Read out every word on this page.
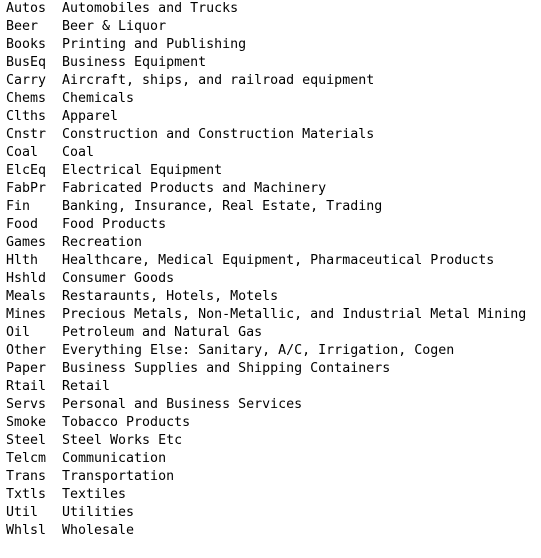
Autos	Automobiles and Trucks
Beer	Beer & Liquor
Books	Printing and Publishing
BusEq	Business Equipment
Carry	Aircraft, ships, and railroad equipment
Chems	Chemicals
Clths	Apparel
Cnstr	Construction and Construction Materials
Coal	Coal
ElcEq	Electrical Equipment
FabPr	Fabricated Products and Machinery
Fin	Banking, Insurance, Real Estate, Trading
Food	Food Products
Games	Recreation
Hlth	Healthcare, Medical Equipment, Pharmaceutical Products
Hshld	Consumer Goods
Meals	Restaraunts, Hotels, Motels
Mines	Precious Metals, Non-Metallic, and Industrial Metal Mining
Oil	Petroleum and Natural Gas
Other	Everything Else: Sanitary, A/C, Irrigation, Cogen
Paper	Business Supplies and Shipping Containers
Rtail	Retail
Servs	Personal and Business Services
Smoke	Tobacco Products
Steel	Steel Works Etc
Telcm	Communication
Trans	Transportation
Txtls	Textiles
Util	Utilities
Whlsl	Wholesale
